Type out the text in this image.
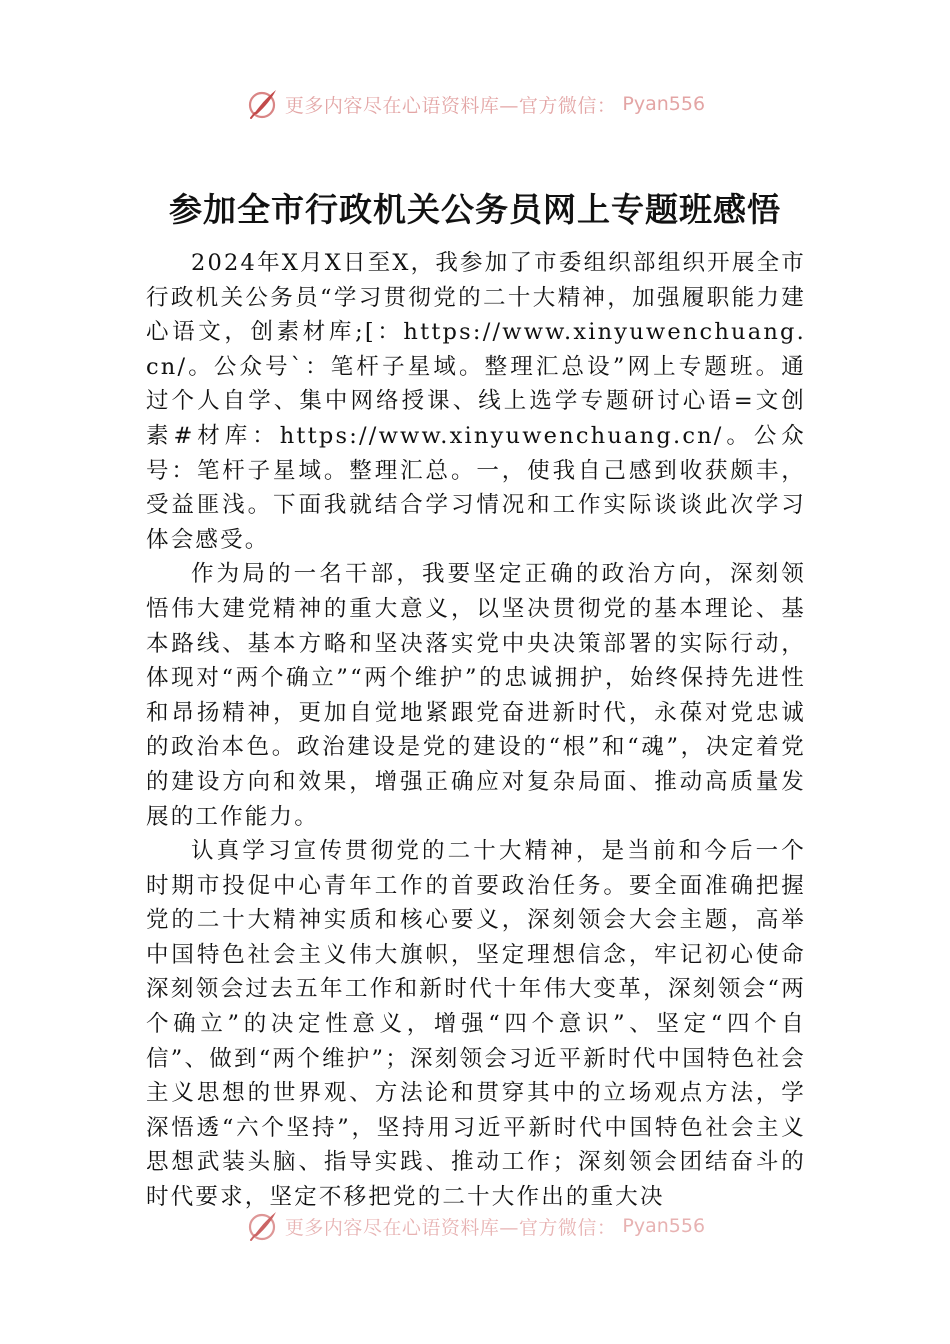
更多内容尽在心语资料库—官方微信： Pyan556
参加全市行政机关公务员网上专题班感悟

2024年X月X日至X，我参加了市委组织部组织开展全市行政机关公务员“学习贯彻党的二十大精神，加强履职能力建心语文，创素材库;[：https://www.xinyuwenchuang.cn/。公众号`：笔杆子星域。整理汇总设”网上专题班。通过个人自学、集中网络授课、线上选学专题研讨心语=文创素#材库：https://www.xinyuwenchuang.cn/。公众号：笔杆子星域。整理汇总。一，使我自己感到收获颇丰，受益匪浅。下面我就结合学习情况和工作实际谈谈此次学习体会感受。

作为局的一名干部，我要坚定正确的政治方向，深刻领悟伟大建党精神的重大意义，以坚决贯彻党的基本理论、基本路线、基本方略和坚决落实党中央决策部署的实际行动，体现对“两个确立”“两个维护”的忠诚拥护，始终保持先进性和昂扬精神，更加自觉地紧跟党奋进新时代，永葆对党忠诚的政治本色。政治建设是党的建设的“根”和“魂”，决定着党的建设方向和效果，增强正确应对复杂局面、推动高质量发展的工作能力。

认真学习宣传贯彻党的二十大精神，是当前和今后一个时期市投促中心青年工作的首要政治任务。要全面准确把握党的二十大精神实质和核心要义，深刻领会大会主题，高举中国特色社会主义伟大旗帜，坚定理想信念，牢记初心使命深刻领会过去五年工作和新时代十年伟大变革，深刻领会“两个确立”的决定性意义，增强“四个意识”、坚定“四个自信”、做到“两个维护”；深刻领会习近平新时代中国特色社会主义思想的世界观、方法论和贯穿其中的立场观点方法，学深悟透“六个坚持”，坚持用习近平新时代中国特色社会主义思想武装头脑、指导实践、推动工作；深刻领会团结奋斗的时代要求，坚定不移把党的二十大作出的重大决

更多内容尽在心语资料库—官方微信： Pyan556
